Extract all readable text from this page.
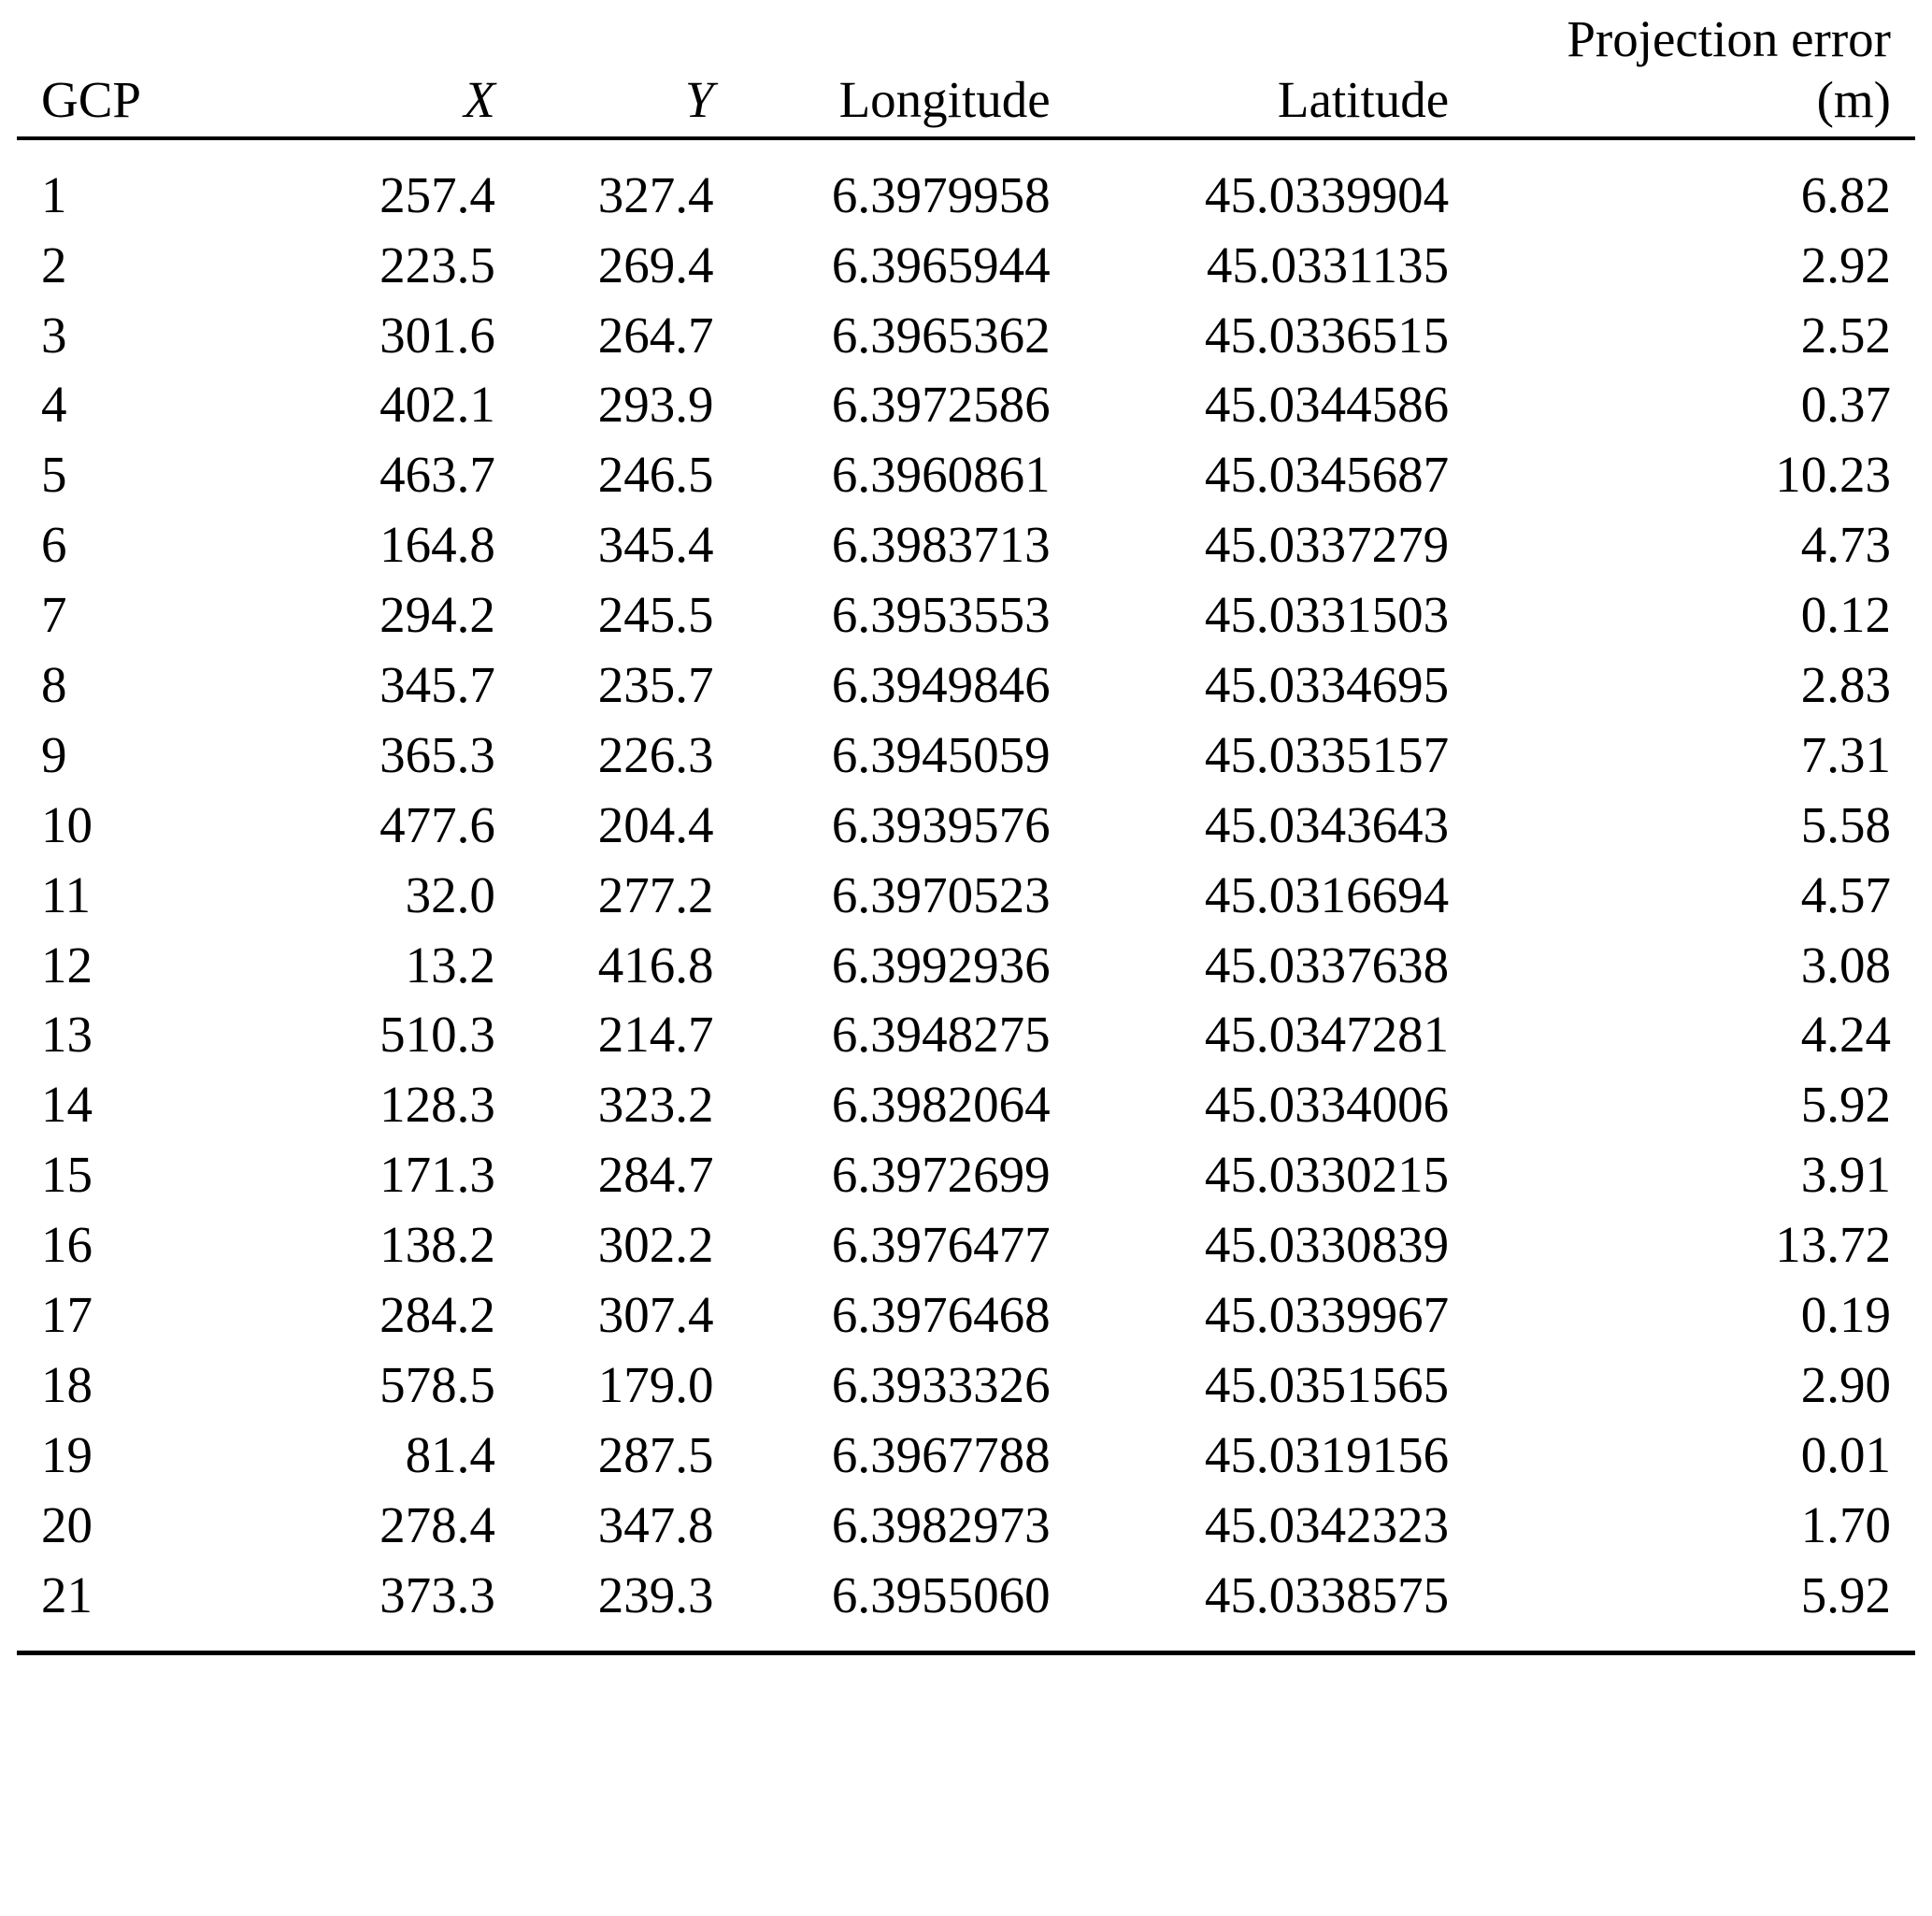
GCP	X	Y	Longitude	Latitude	Projection error
(m)

1	257.4	327.4	6.3979958	45.0339904	6.82
2	223.5	269.4	6.3965944	45.0331135	2.92
3	301.6	264.7	6.3965362	45.0336515	2.52
4	402.1	293.9	6.3972586	45.0344586	0.37
5	463.7	246.5	6.3960861	45.0345687	10.23
6	164.8	345.4	6.3983713	45.0337279	4.73
7	294.2	245.5	6.3953553	45.0331503	0.12
8	345.7	235.7	6.3949846	45.0334695	2.83
9	365.3	226.3	6.3945059	45.0335157	7.31
10	477.6	204.4	6.3939576	45.0343643	5.58
11	32.0	277.2	6.3970523	45.0316694	4.57
12	13.2	416.8	6.3992936	45.0337638	3.08
13	510.3	214.7	6.3948275	45.0347281	4.24
14	128.3	323.2	6.3982064	45.0334006	5.92
15	171.3	284.7	6.3972699	45.0330215	3.91
16	138.2	302.2	6.3976477	45.0330839	13.72
17	284.2	307.4	6.3976468	45.0339967	0.19
18	578.5	179.0	6.3933326	45.0351565	2.90
19	81.4	287.5	6.3967788	45.0319156	0.01
20	278.4	347.8	6.3982973	45.0342323	1.70
21	373.3	239.3	6.3955060	45.0338575	5.92
